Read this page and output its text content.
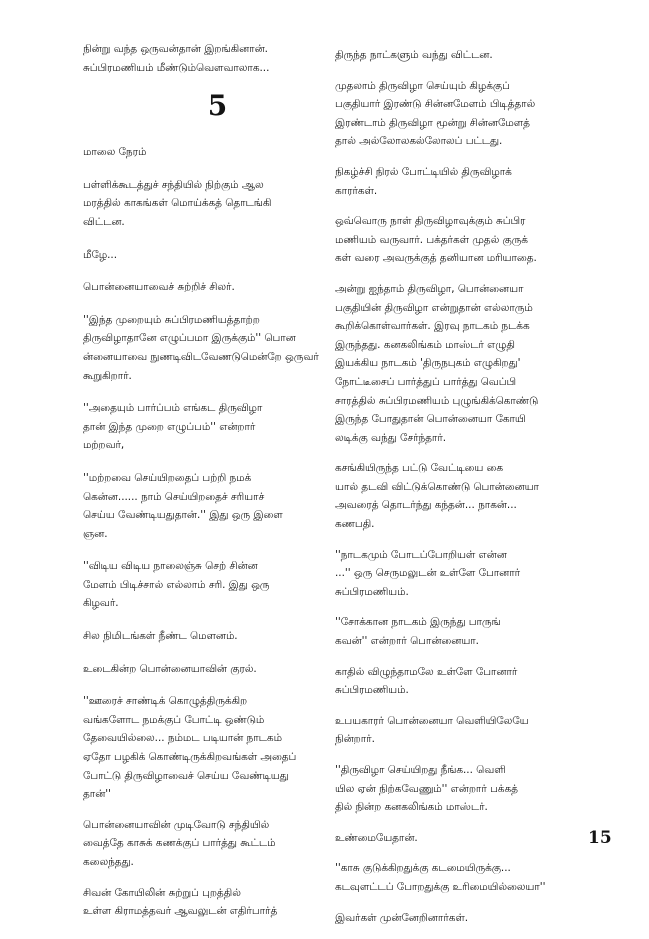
நின்று வந்த ஒருவன்தான் இறங்கினான்.
சுப்பிரமணியம் மீண்டும்வெளவாலாக...

5

மாலை நேரம்

பள்ளிக்கூடத்துச் சந்தியில் நிற்கும் ஆல
மரத்தில் காகங்கள் மொய்க்கத் தொடங்கி
விட்டன.

மீழே...

பொன்னையாவைச் சுற்றிச் சிலர்.

''இந்த முறையும் சுப்பிரமணியத்தாற்ற
திருவிழாதானே எழுப்பமா இருக்கும்'' பொன
ன்னையாவை நுணடிவிடவேணடுமென்றே ஒருவர்
கூறுகிறார்.

''அதையும் பார்ப்பம் எங்கட திருவிழா
தான் இந்த முறை எழுப்பம்'' என்றார்
மற்றவர்,

''மற்றவை செய்யிறதைப் பற்றி நமக்
கென்ன...... நாம் செய்யிறதைச் சரியாச்
செய்ய வேண்டியதுதான்.'' இது ஒரு இளை
ஞன.

''விடிய விடிய நாலைஞ்சு செற் சின்ன
மேளம் பிடிச்சால் எல்லாம் சரி. இது ஒரு
கிழவர்.

சில நிமிடங்கள் நீண்ட மௌனம்.

உடைகின்ற பொன்னையாவின் குரல்.

''ஊரைச் சாண்டிக் கொழுத்திருக்கிற
வங்களோட நமக்குப் போட்டி ஒண்டும்
தேவையில்லை... நம்மட படியான் நாடகம்
ஏதோ பழகிக் கொண்டிருக்கிறவங்கள் அதைப்
போட்டு திருவிழாவைச் செய்ய வேண்டியது
தான்''

பொன்னையாவின் முடிவோடு சந்தியில்
வைத்தே காசுக் கணக்குப் பார்த்து கூட்டம்
கலைந்தது.

சிவன் கோயிலின் சுற்றுப் புறத்தில்
உள்ள கிராமத்தவர் ஆவலுடன் எதிர்பார்த்

திருந்த நாட்களும் வந்து விட்டன.

முதலாம் திருவிழா செய்யும் கிழக்குப்
பகுதியார் இரண்டு சின்னமேளம் பிடித்தால்
இரண்டாம் திருவிழா மூன்று சின்னமேளத்
தால் அல்லோலகல்லோலப் பட்டது.

நிகழ்ச்சி நிரல் போட்டியில் திருவிழாக்
காரர்கள்.

ஒவ்வொரு நாள் திருவிழாவுக்கும் சுப்பிர
மணியம் வருவார். பக்தர்கள் முதல் குருக்
கள் வரை அவருக்குத் தனியான மரியாதை.

அன்று ஐந்தாம் திருவிழா, பொன்னையா
பகுதியின் திருவிழா என்றுதான் எல்லாரும்
கூறிக்கொள்வார்கள். இரவு நாடகம் நடக்க
இருந்தது. கனகலிங்கம் மாஸ்டர் எழுதி
இயக்கிய நாடகம் 'திருநபுகம் எழுகிறது'
நோட்டீசைப் பார்த்துப் பார்த்து வெப்பி
சாரத்தில் சுப்பிரமணியம் புழுங்கிக்கொண்டு
இருந்த போதுதான் பொன்னையா கோயி
லடிக்கு வந்து சேர்ந்தார்.

கசங்கியிருந்த பட்டு வேட்டியை கை
யால் தடவி விட்டுக்கொண்டு பொன்னையா
அவரைத் தொடர்ந்து கந்தன்... நாகன்...
கணபதி.

''நாடகமும் போடப்போறியள் என்ன
...'' ஒரு செருமலுடன் உள்ளே போனார்
சுப்பிரமணியம்.

''சோக்கான நாடகம் இருந்து பாருங்
கவன்'' என்றார் பொன்னையா.

காதில் விழுந்தாமலே உள்ளே போனார்
சுப்பிரமணியம்.

உபயகாரர் பொன்னையா வெளியிலேயே
நின்றார்.

''திருவிழா செய்யிறது நீங்க... வெளி
யில ஏன் நிற்கவேணும்'' என்றார் பக்கத்
தில் நின்ற கனகலிங்கம் மாஸ்டர்.

உண்மையேதான்.

''காசு குடுக்கிறதுக்கு கடமையிருக்கு...
கடவுளட்டப் போறதுக்கு உரிமையில்லையா''

இவர்கள் முன்னேறினார்கள்.

15
